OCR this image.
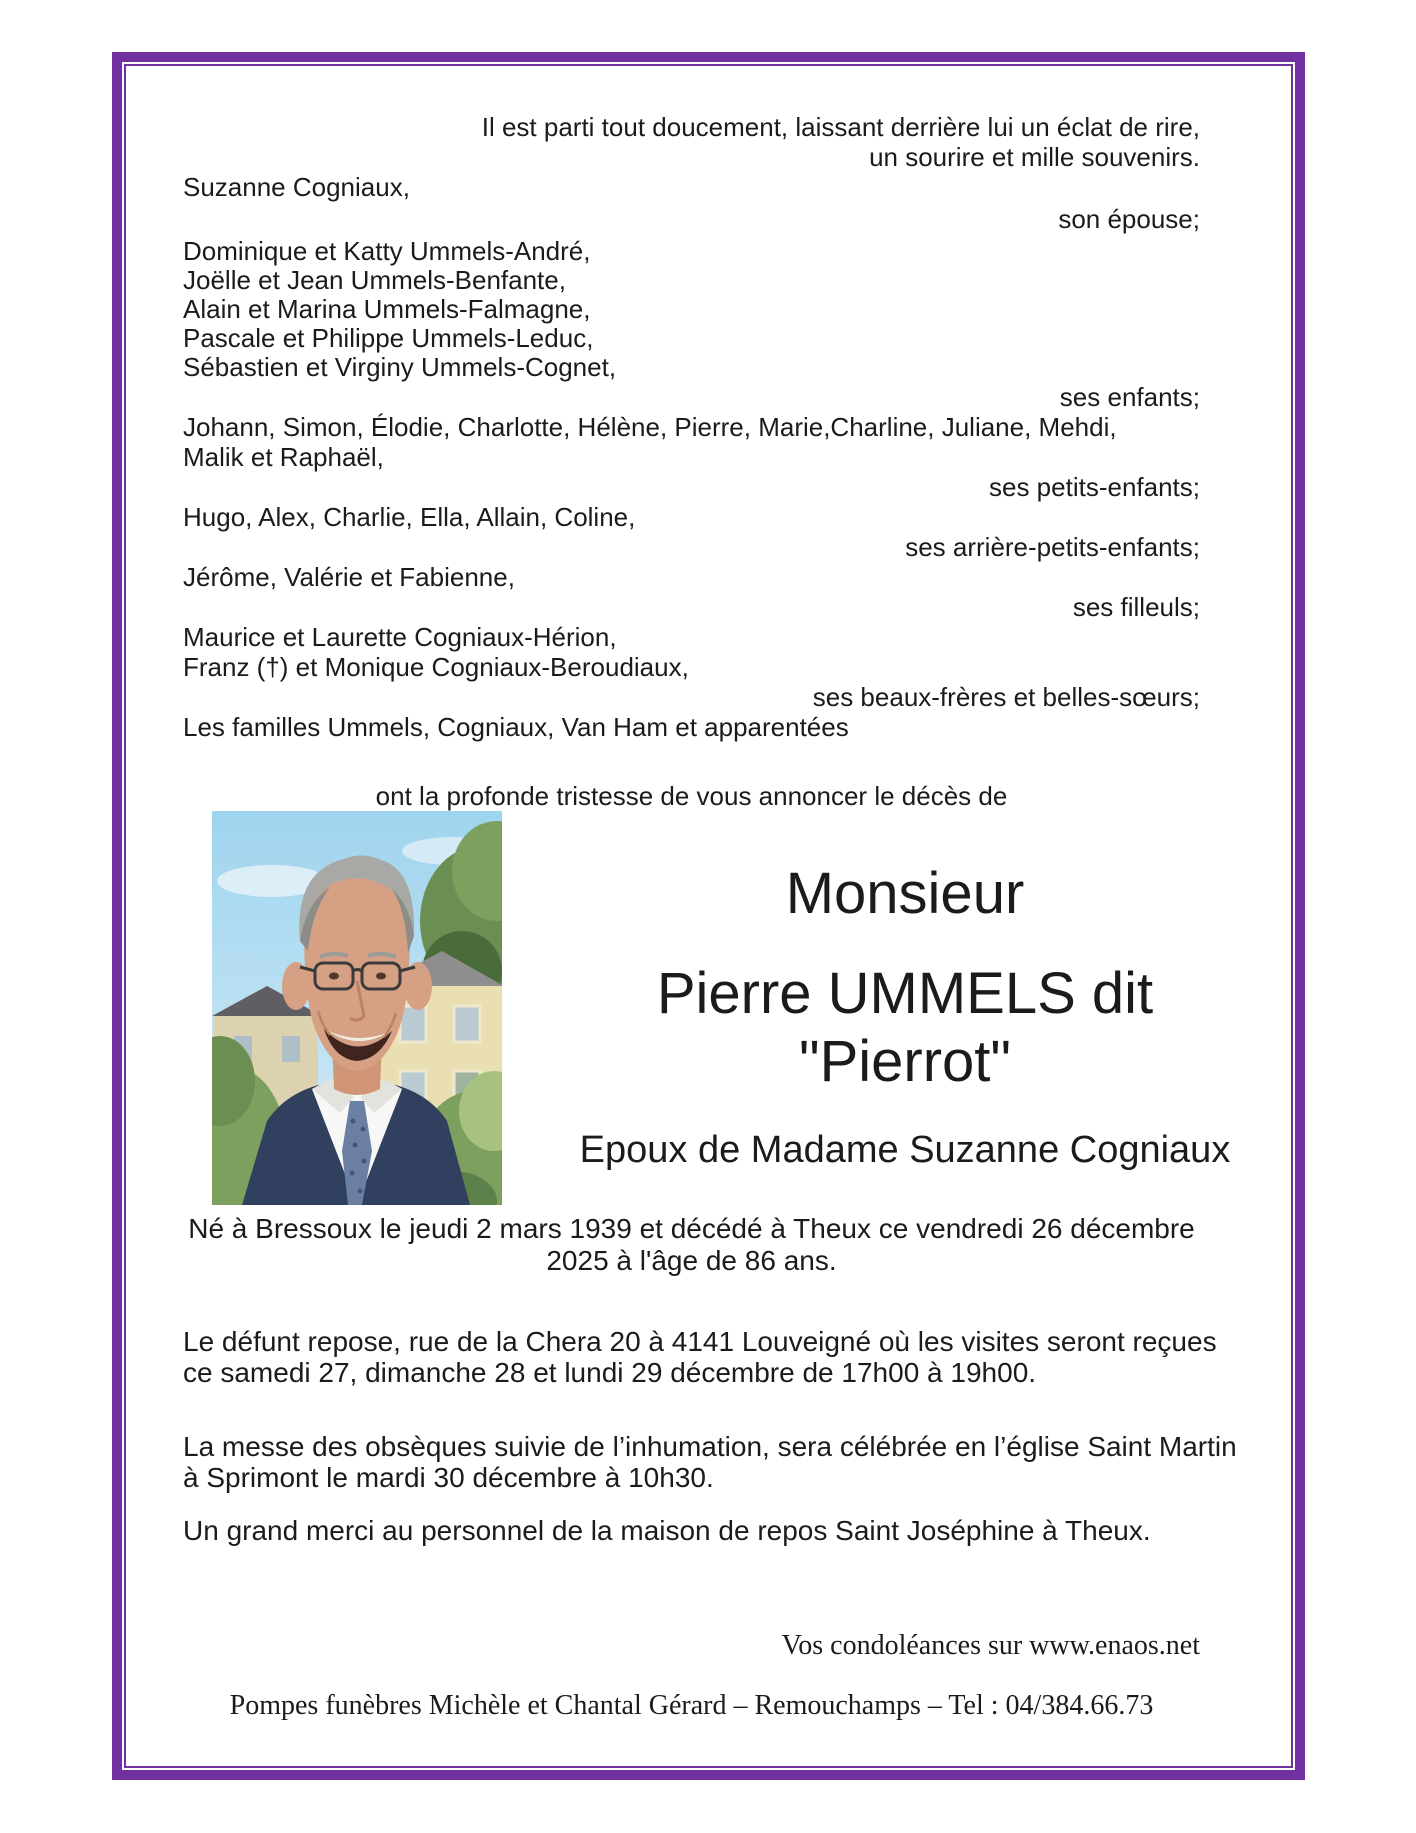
Il est parti tout doucement, laissant derrière lui un éclat de rire,
un sourire et mille souvenirs.
Suzanne Cogniaux,
son épouse;
Dominique et Katty Ummels-André,
Joëlle et Jean Ummels-Benfante,
Alain et Marina Ummels-Falmagne,
Pascale et Philippe Ummels-Leduc,
Sébastien et Virginy Ummels-Cognet,
ses enfants;
Johann, Simon, Élodie, Charlotte, Hélène, Pierre, Marie,Charline, Juliane, Mehdi,
Malik et Raphaël,
ses petits-enfants;
Hugo, Alex, Charlie, Ella, Allain, Coline,
ses arrière-petits-enfants;
Jérôme, Valérie et Fabienne,
ses filleuls;
Maurice et Laurette Cogniaux-Hérion,
Franz (†) et Monique Cogniaux-Beroudiaux,
ses beaux-frères et belles-sœurs;
Les familles Ummels, Cogniaux, Van Ham et apparentées
ont la profonde tristesse de vous annoncer le décès de
Monsieur
Pierre UMMELS dit
"Pierrot"
Epoux de Madame Suzanne Cogniaux
Né à Bressoux le jeudi 2 mars 1939 et décédé à Theux ce vendredi 26 décembre
2025 à l'âge de 86 ans.
Le défunt repose, rue de la Chera 20 à 4141 Louveigné où les visites seront reçues
ce samedi 27, dimanche 28 et lundi 29 décembre de 17h00 à 19h00.
La messe des obsèques suivie de l’inhumation, sera célébrée en l’église Saint Martin
à Sprimont le mardi 30 décembre à 10h30.
Un grand merci au personnel de la maison de repos Saint Joséphine à Theux.
Vos condoléances sur www.enaos.net
Pompes funèbres Michèle et Chantal Gérard – Remouchamps – Tel : 04/384.66.73
